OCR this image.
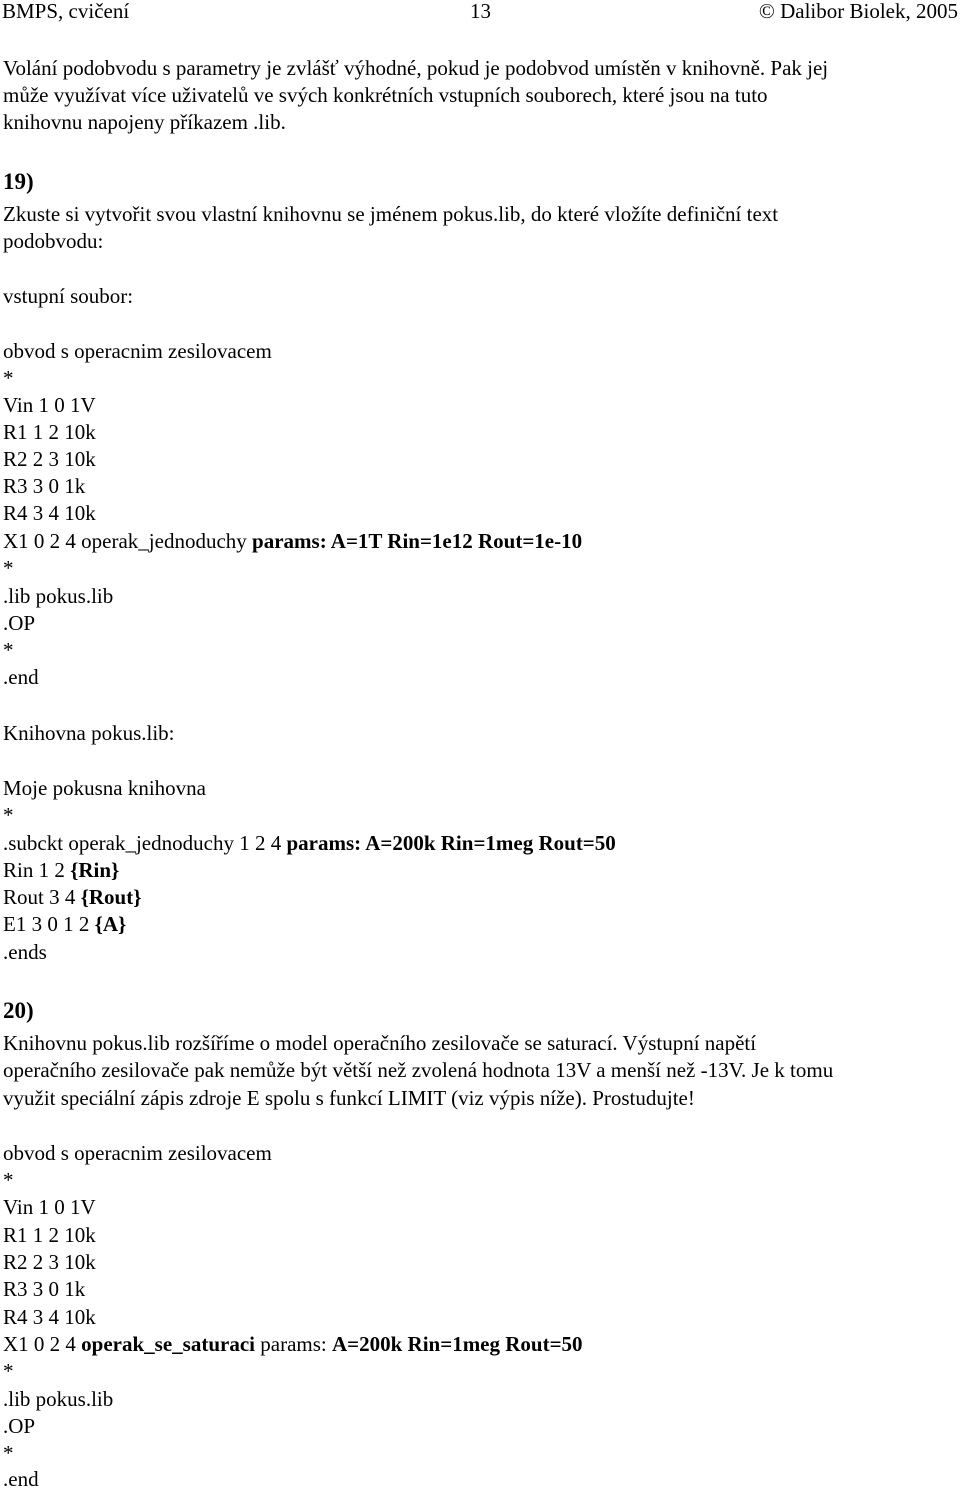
BMPS, cvičení	13	© Dalibor Biolek, 2005
Volání podobvodu s parametry je zvlášť výhodné, pokud je podobvod umístěn v knihovně. Pak jej
může využívat více uživatelů ve svých konkrétních vstupních souborech, které jsou na tuto
knihovnu napojeny příkazem .lib.
19)
Zkuste si vytvořit svou vlastní knihovnu se jménem pokus.lib, do které vložíte definiční text
podobvodu:
vstupní soubor:
obvod s operacnim zesilovacem
*
Vin 1 0 1V
R1 1 2 10k
R2 2 3 10k
R3 3 0 1k
R4 3 4 10k
X1 0 2 4 operak_jednoduchy params: A=1T Rin=1e12 Rout=1e-10
*
.lib pokus.lib
.OP
*
.end
Knihovna pokus.lib:
Moje pokusna knihovna
*
.subckt operak_jednoduchy 1 2 4 params: A=200k Rin=1meg Rout=50
Rin 1 2 {Rin}
Rout 3 4 {Rout}
E1 3 0 1 2 {A}
.ends
20)
Knihovnu pokus.lib rozšíříme o model operačního zesilovače se saturací. Výstupní napětí
operačního zesilovače pak nemůže být větší než zvolená hodnota 13V a menší než -13V. Je k tomu
využit speciální zápis zdroje E spolu s funkcí LIMIT (viz výpis níže). Prostudujte!
obvod s operacnim zesilovacem
*
Vin 1 0 1V
R1 1 2 10k
R2 2 3 10k
R3 3 0 1k
R4 3 4 10k
X1 0 2 4 operak_se_saturaci params: A=200k Rin=1meg Rout=50
*
.lib pokus.lib
.OP
*
.end
